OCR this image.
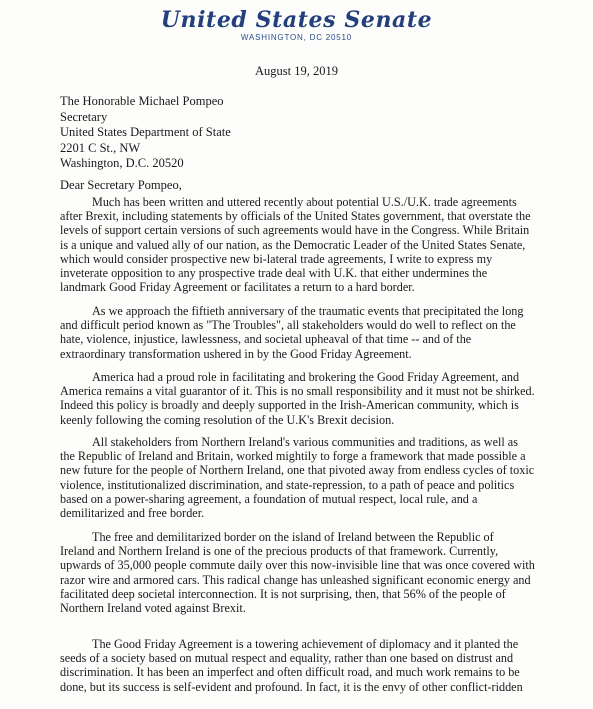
United States Senate
WASHINGTON, DC 20510
August 19, 2019
The Honorable Michael Pompeo
Secretary
United States Department of State
2201 C St., NW
Washington, D.C. 20520
Dear Secretary Pompeo,
Much has been written and uttered recently about potential U.S./U.K. trade agreements
after Brexit, including statements by officials of the United States government, that overstate the
levels of support certain versions of such agreements would have in the Congress. While Britain
is a unique and valued ally of our nation, as the Democratic Leader of the United States Senate,
which would consider prospective new bi-lateral trade agreements, I write to express my
inveterate opposition to any prospective trade deal with U.K. that either undermines the
landmark Good Friday Agreement or facilitates a return to a hard border.
As we approach the fiftieth anniversary of the traumatic events that precipitated the long
and difficult period known as "The Troubles", all stakeholders would do well to reflect on the
hate, violence, injustice, lawlessness, and societal upheaval of that time -- and of the
extraordinary transformation ushered in by the Good Friday Agreement.
America had a proud role in facilitating and brokering the Good Friday Agreement, and
America remains a vital guarantor of it. This is no small responsibility and it must not be shirked.
Indeed this policy is broadly and deeply supported in the Irish-American community, which is
keenly following the coming resolution of the U.K's Brexit decision.
All stakeholders from Northern Ireland's various communities and traditions, as well as
the Republic of Ireland and Britain, worked mightily to forge a framework that made possible a
new future for the people of Northern Ireland, one that pivoted away from endless cycles of toxic
violence, institutionalized discrimination, and state-repression, to a path of peace and politics
based on a power-sharing agreement, a foundation of mutual respect, local rule, and a
demilitarized and free border.
The free and demilitarized border on the island of Ireland between the Republic of
Ireland and Northern Ireland is one of the precious products of that framework. Currently,
upwards of 35,000 people commute daily over this now-invisible line that was once covered with
razor wire and armored cars. This radical change has unleashed significant economic energy and
facilitated deep societal interconnection. It is not surprising, then, that 56% of the people of
Northern Ireland voted against Brexit.
The Good Friday Agreement is a towering achievement of diplomacy and it planted the
seeds of a society based on mutual respect and equality, rather than one based on distrust and
discrimination. It has been an imperfect and often difficult road, and much work remains to be
done, but its success is self-evident and profound. In fact, it is the envy of other conflict-ridden
